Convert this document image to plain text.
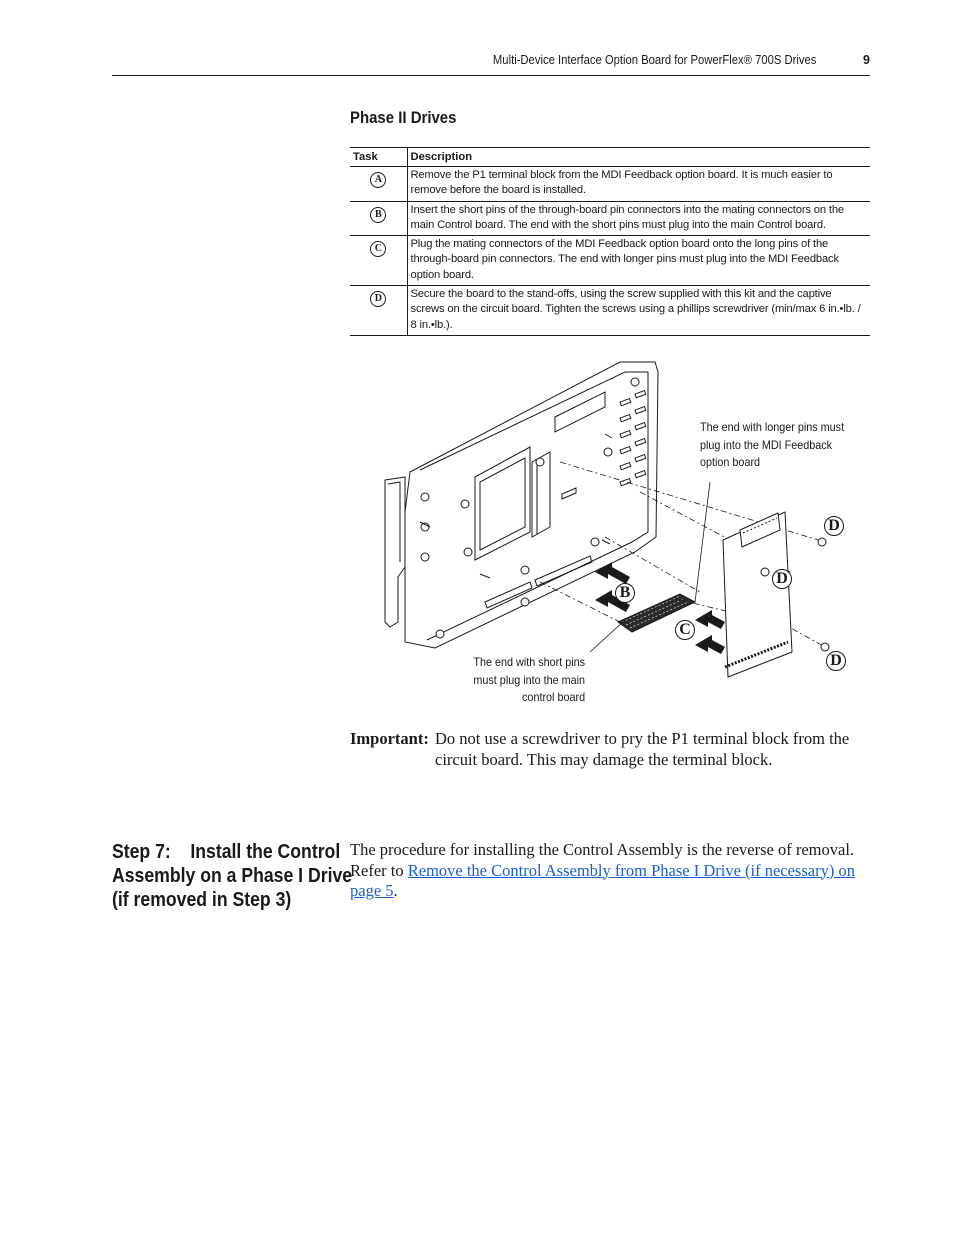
Multi-Device Interface Option Board for PowerFlex® 700S Drives	9
Phase II Drives
Task	Description
A	Remove the P1 terminal block from the MDI Feedback option board. It is much easier to remove before the board is installed.
B	Insert the short pins of the through-board pin connectors into the mating connectors on the main Control board. The end with the short pins must plug into the main Control board.
C	Plug the mating connectors of the MDI Feedback option board onto the long pins of the through-board pin connectors. The end with longer pins must plug into the MDI Feedback option board.
D	Secure the board to the stand-offs, using the screw supplied with this kit and the captive screws on the circuit board. Tighten the screws using a phillips screwdriver (min/max 6 in.•lb. / 8 in.•lb.).
The end with longer pins must
plug into the MDI Feedback
option board
The end with short pins
must plug into the main
control board
B
C
D
D
D
Important: Do not use a screwdriver to pry the P1 terminal block from the
circuit board. This may damage the terminal block.
Step 7:    Install the Control
Assembly on a Phase I Drive
(if removed in Step 3)
The procedure for installing the Control Assembly is the reverse of removal. Refer to Remove the Control Assembly from Phase I Drive (if necessary) on page 5.
